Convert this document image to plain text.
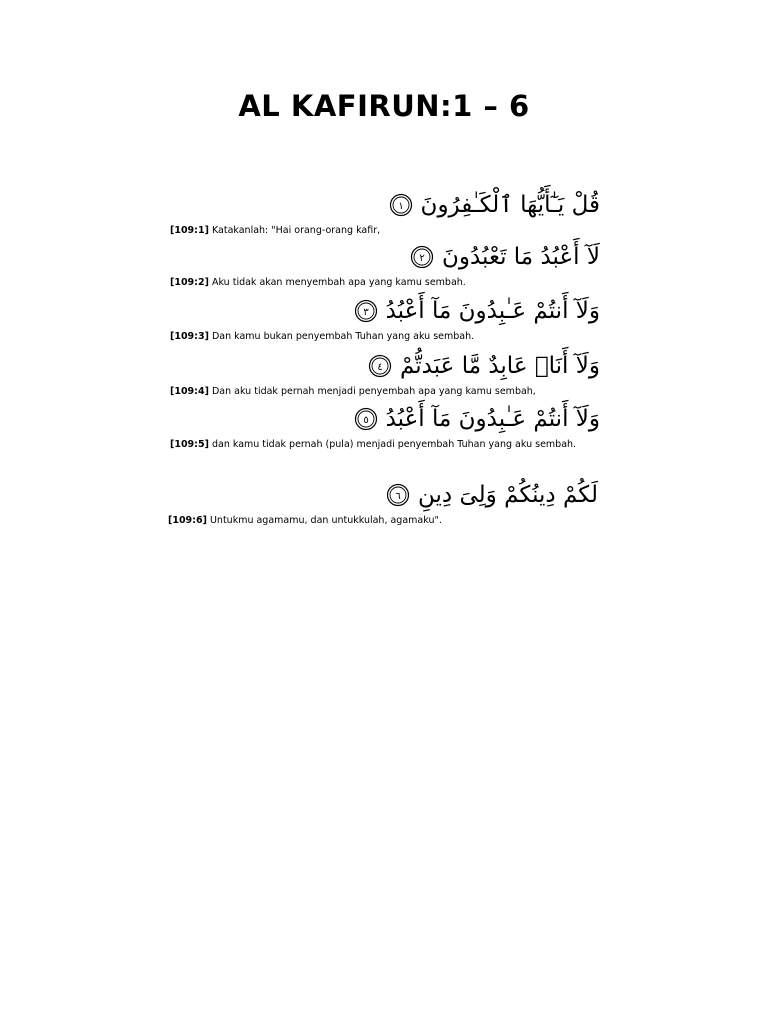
AL KAFIRUN:1 – 6
قُلْ يَـٰٓأَيُّهَا ٱلْكَـٰفِرُونَ
١
[109:1] Katakanlah: "Hai orang-orang kafir,
لَآ أَعْبُدُ مَا تَعْبُدُونَ
٢
[109:2] Aku tidak akan menyembah apa yang kamu sembah.
وَلَآ أَنتُمْ عَـٰبِدُونَ مَآ أَعْبُدُ
٣
[109:3] Dan kamu bukan penyembah Tuhan yang aku sembah.
وَلَآ أَنَا۠ عَابِدٌ مَّا عَبَدتُّمْ
٤
[109:4] Dan aku tidak pernah menjadi penyembah apa yang kamu sembah,
وَلَآ أَنتُمْ عَـٰبِدُونَ مَآ أَعْبُدُ
٥
[109:5] dan kamu tidak pernah (pula) menjadi penyembah Tuhan yang aku sembah.
لَكُمْ دِينُكُمْ وَلِىَ دِينِ
٦
[109:6] Untukmu agamamu, dan untukkulah, agamaku".
